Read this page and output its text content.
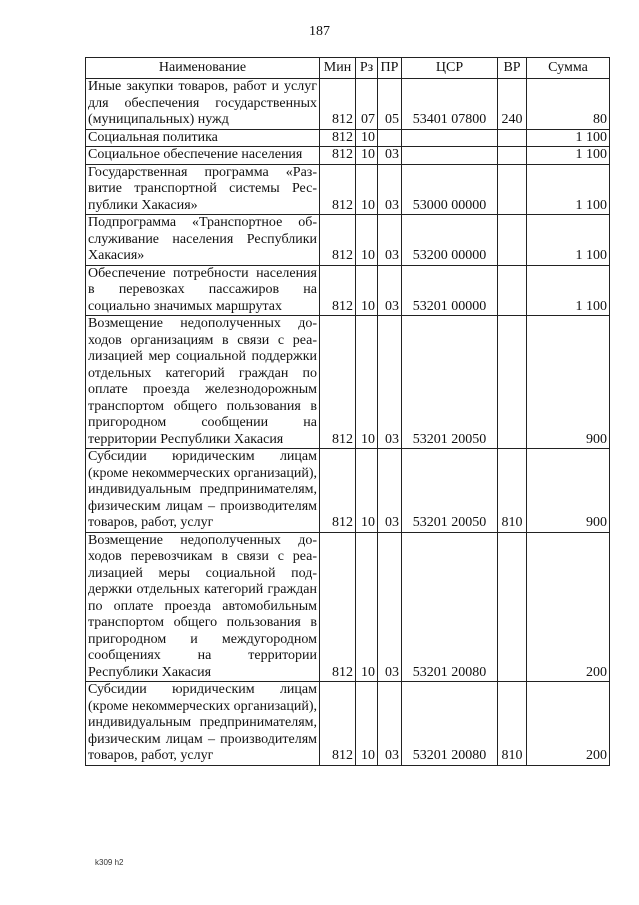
187
Наименование	Мин	Рз	ПР	ЦСР	ВР	Сумма
Иные закупки товаров, работ и услуг для обеспечения государственных (муниципальных) нужд	812	07	05	53401 07800	240	80
Социальная политика	812	10				1 100
Социальное обеспечение населения	812	10	03			1 100
Государственная программа «Развитие транспортной системы Республики Хакасия»	812	10	03	53000 00000		1 100
Подпрограмма «Транспортное обслуживание населения Республики Хакасия»	812	10	03	53200 00000		1 100
Обеспечение потребности населения в перевозках пассажиров на социально значимых маршрутах	812	10	03	53201 00000		1 100
Возмещение недополученных доходов организациям в связи с реализацией мер социальной поддержки отдельных категорий граждан по оплате проезда железнодорожным транспортом общего пользования в пригородном сообщении на территории Республики Хакасия	812	10	03	53201 20050		900
Субсидии юридическим лицам (кроме некоммерческих организаций), индивидуальным предпринимателям, физическим лицам – производителям товаров, работ, услуг	812	10	03	53201 20050	810	900
Возмещение недополученных доходов перевозчикам в связи с реализацией меры социальной поддержки отдельных категорий граждан по оплате проезда автомобильным транспортом общего пользования в пригородном и междугородном сообщениях на территории Республики Хакасия	812	10	03	53201 20080		200
Субсидии юридическим лицам (кроме некоммерческих организаций), индивидуальным предпринимателям, физическим лицам – производителям товаров, работ, услуг	812	10	03	53201 20080	810	200
k309 h2
